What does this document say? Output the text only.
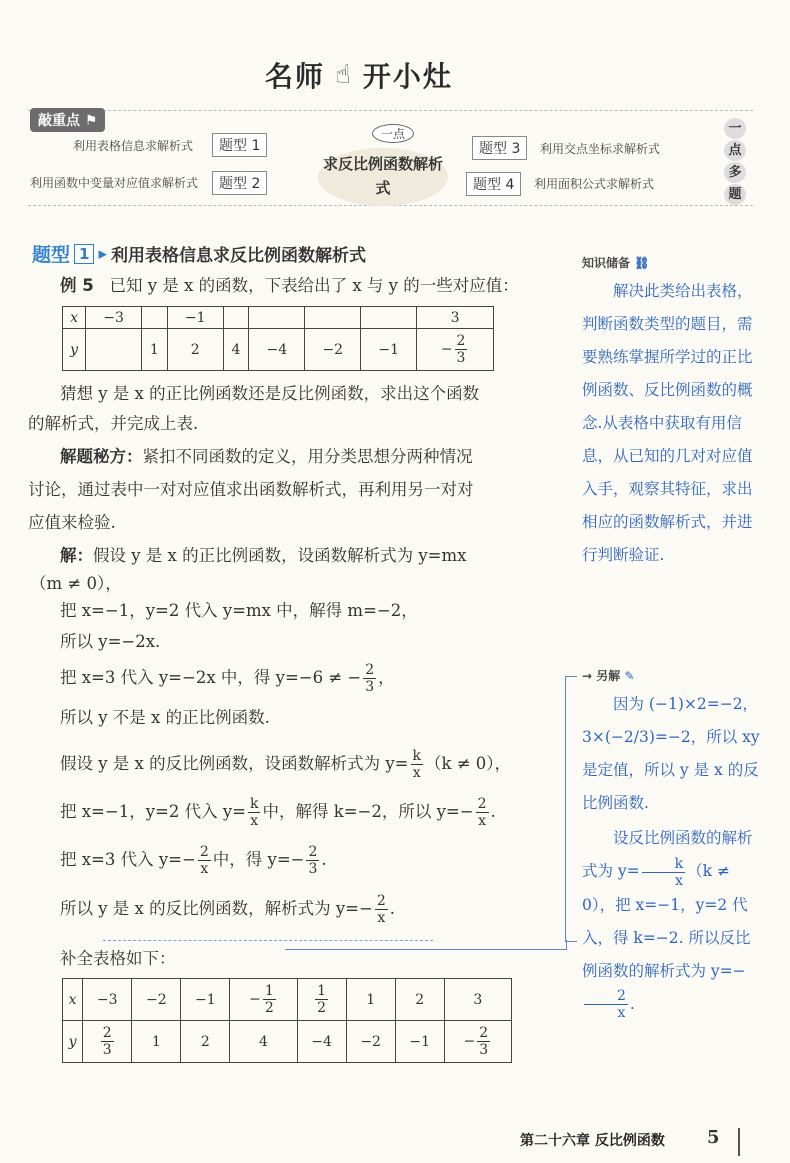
名师 ☝ 开小灶
敲重点 ⚑
一点
求反比例函数解析式
利用表格信息求解析式	题型 1
利用函数中变量对应值求解析式	题型 2
题型 3	利用交点坐标求解析式
题型 4	利用面积公式求解析式
一
点
多
题
题型 1 ▸ 利用表格信息求反比例函数解析式
例 5 已知 y 是 x 的函数，下表给出了 x 与 y 的一些对应值：
x	−3		−1					3
y		1	2	4	−4	−2	−1	− $\frac{2}{3}$
猜想 y 是 x 的正比例函数还是反比例函数，求出这个函数
的解析式，并完成上表.
解题秘方：紧扣不同函数的定义，用分类思想分两种情况
讨论，通过表中一对对应值求出函数解析式，再利用另一对对
应值来检验.
解：假设 y 是 x 的正比例函数，设函数解析式为 y=mx
（m ≠ 0），
把 x=−1，y=2 代入 y=mx 中，解得 m=−2，
所以 y=−2x.
把 x=3 代入 y=−2x 中，得 y=−6 ≠ − $\frac{2}{3}$ ，
所以 y 不是 x 的正比例函数.
假设 y 是 x 的反比例函数，设函数解析式为 $y= \frac{k}{x} (k \ne 0)$，
把 x=−1，y=2 代入 $y= \frac{k}{x}$ 中，解得 k=−2，所以 $y=- \frac{2}{x}$ .
把 x=3 代入 $y=- \frac{2}{x}$ 中，得 $y=- \frac{2}{3}$ .
所以 y 是 x 的反比例函数，解析式为 $y=- \frac{2}{x}$ .
补全表格如下：
x	−3	−2	−1	− $\frac{1}{2}$	$\frac{1}{2}$	1	2	3
y	$\frac{2}{3}$	1	2	4	−4	−2	−1	− $\frac{2}{3}$
知识储备 ⛓
解决此类给出表格，判断函数类型的题目，需要熟练掌握所学过的正比例函数、反比例函数的概念.从表格中获取有用信息，从已知的几对对应值入手，观察其特征，求出相应的函数解析式，并进行判断验证.
→ 另解 ✎
因为 (−1)×2=−2，3×(−2/3)=−2，所以 xy 是定值，所以 y 是 x 的反比例函数.
设反比例函数的解析式为 $y= \frac{k}{x} (k \ne 0)$，把 x=−1，y=2 代入，得 k=−2. 所以反比例函数的解析式为 y=−
$\frac{2}{x}$ .
第二十六章 反比例函数 5
